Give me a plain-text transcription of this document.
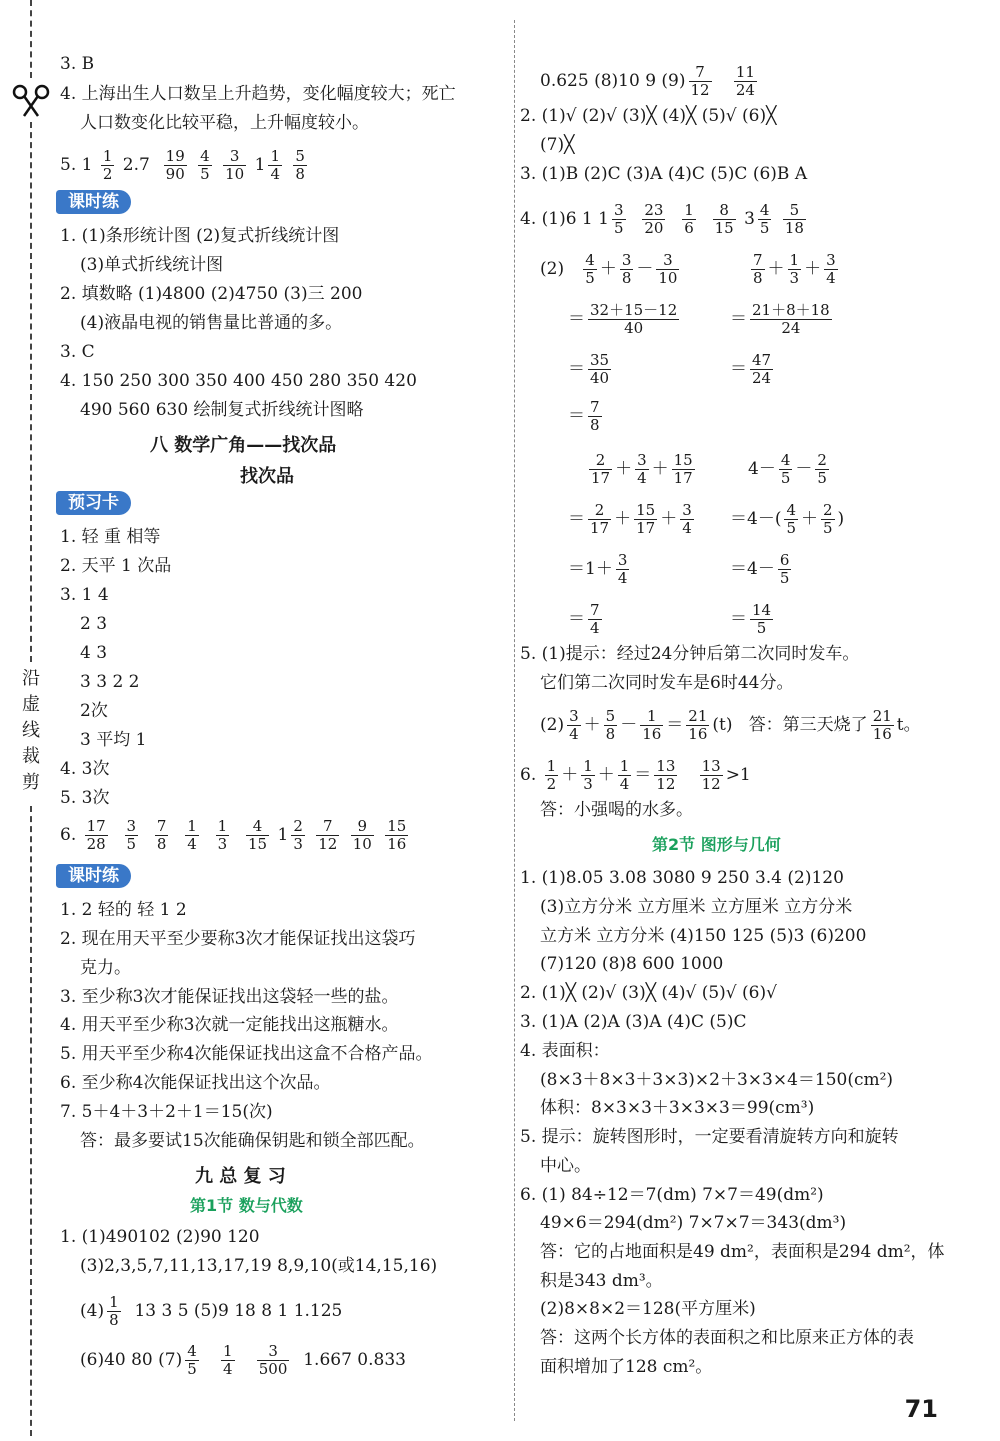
沿
虚
线
裁
剪
3. B
4. 上海出生人口数呈上升趋势，变化幅度较大；死亡
人口数变化比较平稳，上升幅度较小。
5. $1 \frac{1}{2} 2.7 \frac{19}{90}$
$\frac{4}{5}$
$\frac{3}{10} 1 \frac{1}{4}$
$\frac{5}{8}$
课时练
1. (1)条形统计图 (2)复式折线统计图
(3)单式折线统计图
2. 填数略 (1)4800 (2)4750 (3)三 200
(4)液晶电视的销售量比普通的多。
3. C
4. 150 250 300 350 400 450 280 350 420
490 560 630 绘制复式折线统计图略
八 数学广角——找次品
找次品
预习卡
1. 轻 重 相等
2. 天平 1 次品
3. 1 4
2 3
4 3
3 3 2 2
2次
3 平均 1
4. 3次
5. 3次
6. $\frac{17}{28}$
$\frac{3}{5}$
$\frac{7}{8}$
$\frac{1}{4}$
$\frac{1}{3}$
$\frac{4}{15} 1 \frac{2}{3}$
$\frac{7}{12}$
$\frac{9}{10}$
$\frac{15}{16}$
课时练
1. 2 轻的 轻 1 2
2. 现在用天平至少要称3次才能保证找出这袋巧
克力。
3. 至少称3次才能保证找出这袋轻一些的盐。
4. 用天平至少称3次就一定能找出这瓶糖水。
5. 用天平至少称4次能保证找出这盒不合格产品。
6. 至少称4次能保证找出这个次品。
7. 5＋4＋3＋2＋1＝15(次)
答：最多要试15次能确保钥匙和锁全部匹配。
九 总 复 习
第1节 数与代数
1. (1)490102 (2)90 120
(3)2,3,5,7,11,13,17,19 8,9,10(或14,15,16)
$(4) \frac{1}{8} 13$ 3 5 (5)9 18 8 1 1.125
(6)40 80 $(7) \frac{4}{5}$
$\frac{1}{4}$
$\frac{3}{500} 1.667$ 0.833
0.625 (8)10 9 $(9) \frac{7}{12}$
$\frac{11}{24}$
2. (1)√ (2)√ (3)╳ (4)╳ (5)√ (6)╳
(7)╳
3. (1)B (2)C (3)A (4)C (5)C (6)B A
4. (1)6 1 $1 \frac{3}{5}$
$\frac{23}{20}$
$\frac{1}{6}$
$\frac{8}{15} 3 \frac{4}{5}$
$\frac{5}{18}$
$(2) \frac{4}{5} + \frac{3}{8} - \frac{3}{10}$	$\frac{7}{8} + \frac{1}{3} + \frac{3}{4}$
＝ $\frac{32+15-12}{40}$	＝ $\frac{21+8+18}{24}$
＝ $\frac{35}{40}$	＝ $\frac{47}{24}$
＝ $\frac{7}{8}$
$\frac{2}{17} + \frac{3}{4} + \frac{15}{17}$	$4- \frac{4}{5} - \frac{2}{5}$
＝ $\frac{2}{17} + \frac{15}{17} + \frac{3}{4} =4-( \frac{4}{5} + \frac{2}{5}$ )
$=1+ \frac{3}{4}$	$=4- \frac{6}{5}$
＝ $\frac{7}{4}$	＝ $\frac{14}{5}$
5. (1)提示：经过24分钟后第二次同时发车。
它们第二次同时发车是6时44分。
$(2) \frac{3}{4} + \frac{5}{8} - \frac{1}{16} = \frac{21}{16} (t)$   答：第三天烧了 $\frac{21}{16}$ t。
6. $\frac{1}{2} + \frac{1}{3} + \frac{1}{4} = \frac{13}{12}$
$\frac{13}{12} >1$
答：小强喝的水多。
第2节 图形与几何
1. (1)8.05 3.08 3080 9 250 3.4 (2)120
(3)立方分米 立方厘米 立方厘米 立方分米
立方米 立方分米 (4)150 125 (5)3 (6)200
(7)120 (8)8 600 1000
2. (1)╳ (2)√ (3)╳ (4)√ (5)√ (6)√
3. (1)A (2)A (3)A (4)C (5)C
4. 表面积：
(8×3＋8×3＋3×3)×2＋3×3×4＝150(cm²)
体积：8×3×3＋3×3×3＝99(cm³)
5. 提示：旋转图形时，一定要看清旋转方向和旋转
中心。
6. (1) 84÷12＝7(dm) 7×7＝49(dm²)
49×6＝294(dm²) 7×7×7＝343(dm³)
答：它的占地面积是49 dm²，表面积是294 dm²，体
积是343 dm³。
(2)8×8×2＝128(平方厘米)
答：这两个长方体的表面积之和比原来正方体的表
面积增加了128 cm²。
71
